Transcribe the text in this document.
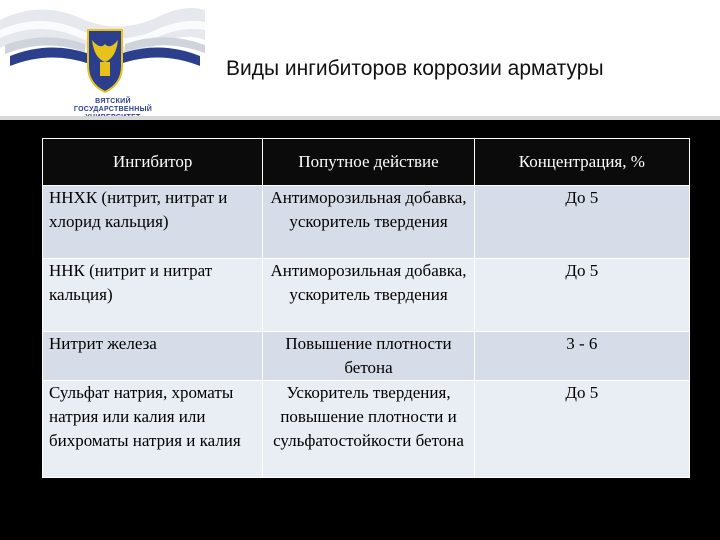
ВЯТСКИЙ
ГОСУДАРСТВЕННЫЙ
Виды ингибиторов коррозии арматуры
Ингибитор	Попутное действие	Концентрация, %
ННХК (нитрит, нитрат и хлорид кальция)	Антиморозильная добавка, ускоритель твердения	До 5
ННК (нитрит и нитрат кальция)	Антиморозильная добавка, ускоритель твердения	До 5
Нитрит железа	Повышение плотности бетона	3 - 6
Сульфат натрия, хроматы натрия или калия или бихроматы натрия и калия	Ускоритель твердения, повышение плотности и сульфатостойкости бетона	До 5
